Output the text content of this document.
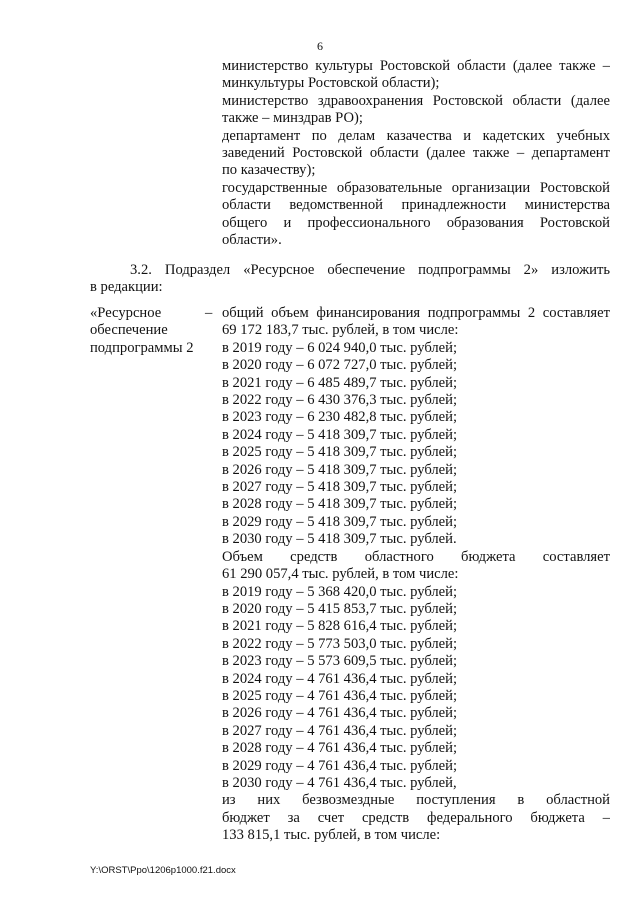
6
министерство культуры Ростовской области (далее также –
минкультуры Ростовской области);
министерство здравоохранения Ростовской области (далее
также – минздрав РО);
департамент по делам казачества и кадетских учебных
заведений Ростовской области (далее также – департамент
по казачеству);
государственные образовательные организации Ростовской
области ведомственной принадлежности министерства
общего и профессионального образования Ростовской
области».
3.2. Подраздел «Ресурсное обеспечение подпрограммы 2» изложить
в редакции:
«Ресурсное
обеспечение
подпрограммы 2
– общий объем финансирования подпрограммы 2 составляет
69 172 183,7 тыс. рублей, в том числе:
в 2019 году – 6 024 940,0 тыс. рублей;
в 2020 году – 6 072 727,0 тыс. рублей;
в 2021 году – 6 485 489,7 тыс. рублей;
в 2022 году – 6 430 376,3 тыс. рублей;
в 2023 году – 6 230 482,8 тыс. рублей;
в 2024 году – 5 418 309,7 тыс. рублей;
в 2025 году – 5 418 309,7 тыс. рублей;
в 2026 году – 5 418 309,7 тыс. рублей;
в 2027 году – 5 418 309,7 тыс. рублей;
в 2028 году – 5 418 309,7 тыс. рублей;
в 2029 году – 5 418 309,7 тыс. рублей;
в 2030 году – 5 418 309,7 тыс. рублей.
Объем средств областного бюджета составляет
61 290 057,4 тыс. рублей, в том числе:
в 2019 году – 5 368 420,0 тыс. рублей;
в 2020 году – 5 415 853,7 тыс. рублей;
в 2021 году – 5 828 616,4 тыс. рублей;
в 2022 году – 5 773 503,0 тыс. рублей;
в 2023 году – 5 573 609,5 тыс. рублей;
в 2024 году – 4 761 436,4 тыс. рублей;
в 2025 году – 4 761 436,4 тыс. рублей;
в 2026 году – 4 761 436,4 тыс. рублей;
в 2027 году – 4 761 436,4 тыс. рублей;
в 2028 году – 4 761 436,4 тыс. рублей;
в 2029 году – 4 761 436,4 тыс. рублей;
в 2030 году – 4 761 436,4 тыс. рублей,
из них безвозмездные поступления в областной
бюджет за счет средств федерального бюджета –
133 815,1 тыс. рублей, в том числе:
Y:\ORST\Ppo\1206p1000.f21.docx
